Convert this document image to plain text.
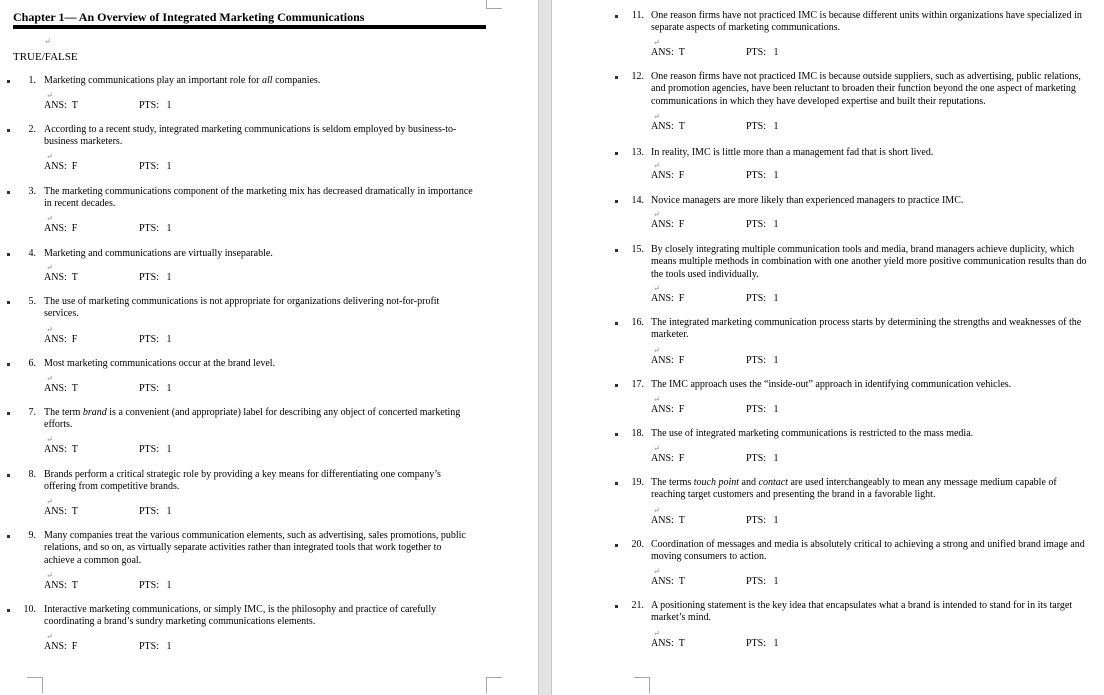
Chapter 1— An Overview of Integrated Marketing Communications
↵
TRUE/FALSE
1. Marketing communications play an important role for all companies.
↵
ANS:  T	PTS:   1
2. According to a recent study, integrated marketing communications is seldom employed by business-to-business marketers.
↵
ANS:  F	PTS:   1
3. The marketing communications component of the marketing mix has decreased dramatically in importance in recent decades.
↵
ANS:  F	PTS:   1
4. Marketing and communications are virtually inseparable.
↵
ANS:  T	PTS:   1
5. The use of marketing communications is not appropriate for organizations delivering not-for-profit services.
↵
ANS:  F	PTS:   1
6. Most marketing communications occur at the brand level.
↵
ANS:  T	PTS:   1
7. The term brand is a convenient (and appropriate) label for describing any object of concerted marketing efforts.
↵
ANS:  T	PTS:   1
8. Brands perform a critical strategic role by providing a key means for differentiating one company’s offering from competitive brands.
↵
ANS:  T	PTS:   1
9. Many companies treat the various communication elements, such as advertising, sales promotions, public relations, and so on, as virtually separate activities rather than integrated tools that work together to achieve a common goal.
↵
ANS:  T	PTS:   1
10. Interactive marketing communications, or simply IMC, is the philosophy and practice of carefully coordinating a brand’s sundry marketing communications elements.
↵
ANS:  F	PTS:   1
11. One reason firms have not practiced IMC is because different units within organizations have specialized in separate aspects of marketing communications.
↵
ANS:  T	PTS:   1
12. One reason firms have not practiced IMC is because outside suppliers, such as advertising, public relations, and promotion agencies, have been reluctant to broaden their function beyond the one aspect of marketing communications in which they have developed expertise and built their reputations.
↵
ANS:  T	PTS:   1
13. In reality, IMC is little more than a management fad that is short lived.
↵
ANS:  F	PTS:   1
14. Novice managers are more likely than experienced managers to practice IMC.
↵
ANS:  F	PTS:   1
15. By closely integrating multiple communication tools and media, brand managers achieve duplicity, which means multiple methods in combination with one another yield more positive communication results than do the tools used individually.
↵
ANS:  F	PTS:   1
16. The integrated marketing communication process starts by determining the strengths and weaknesses of the marketer.
↵
ANS:  F	PTS:   1
17. The IMC approach uses the “inside-out” approach in identifying communication vehicles.
↵
ANS:  F	PTS:   1
18. The use of integrated marketing communications is restricted to the mass media.
↵
ANS:  F	PTS:   1
19. The terms touch point and contact are used interchangeably to mean any message medium capable of reaching target customers and presenting the brand in a favorable light.
↵
ANS:  T	PTS:   1
20. Coordination of messages and media is absolutely critical to achieving a strong and unified brand image and moving consumers to action.
↵
ANS:  T	PTS:   1
21. A positioning statement is the key idea that encapsulates what a brand is intended to stand for in its target market’s mind.
↵
ANS:  T	PTS:   1
